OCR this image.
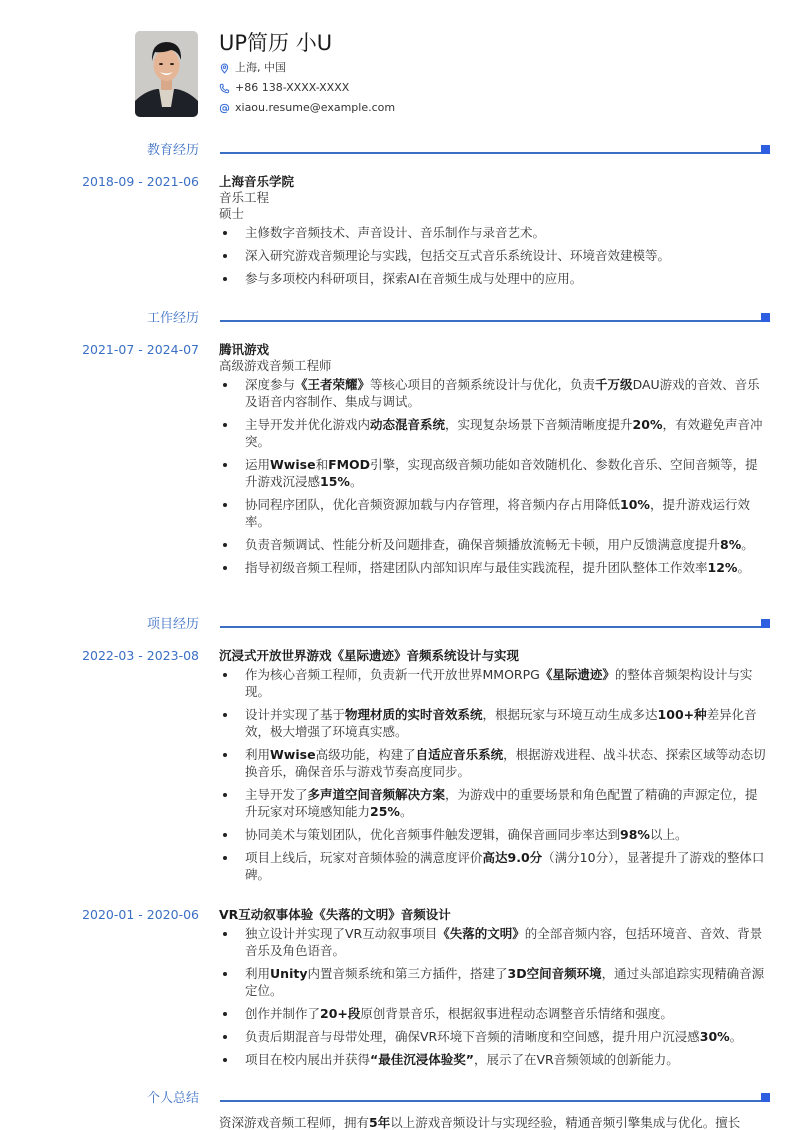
UP简历 小U
上海, 中国
+86 138-XXXX-XXXX
xiaou.resume@example.com
教育经历
2018-09 - 2021-06 上海音乐学院
音乐工程
硕士
主修数字音频技术、声音设计、音乐制作与录音艺术。
深入研究游戏音频理论与实践，包括交互式音乐系统设计、环境音效建模等。
参与多项校内科研项目，探索AI在音频生成与处理中的应用。
工作经历
2021-07 - 2024-07 腾讯游戏
高级游戏音频工程师
深度参与《王者荣耀》等核心项目的音频系统设计与优化，负责千万级DAU游戏的音效、音乐及语音内容制作、集成与调试。
主导开发并优化游戏内动态混音系统，实现复杂场景下音频清晰度提升20%，有效避免声音冲突。
运用Wwise和FMOD引擎，实现高级音频功能如音效随机化、参数化音乐、空间音频等，提升游戏沉浸感15%。
协同程序团队，优化音频资源加载与内存管理，将音频内存占用降低10%，提升游戏运行效率。
负责音频调试、性能分析及问题排查，确保音频播放流畅无卡顿，用户反馈满意度提升8%。
指导初级音频工程师，搭建团队内部知识库与最佳实践流程，提升团队整体工作效率12%。
项目经历
2022-03 - 2023-08 沉浸式开放世界游戏《星际遗迹》音频系统设计与实现
作为核心音频工程师，负责新一代开放世界MMORPG《星际遗迹》的整体音频架构设计与实现。
设计并实现了基于物理材质的实时音效系统，根据玩家与环境互动生成多达100+种差异化音效，极大增强了环境真实感。
利用Wwise高级功能，构建了自适应音乐系统，根据游戏进程、战斗状态、探索区域等动态切换音乐，确保音乐与游戏节奏高度同步。
主导开发了多声道空间音频解决方案，为游戏中的重要场景和角色配置了精确的声源定位，提升玩家对环境感知能力25%。
协同美术与策划团队，优化音频事件触发逻辑，确保音画同步率达到98%以上。
项目上线后，玩家对音频体验的满意度评价高达9.0分（满分10分），显著提升了游戏的整体口碑。
2020-01 - 2020-06 VR互动叙事体验《失落的文明》音频设计
独立设计并实现了VR互动叙事项目《失落的文明》的全部音频内容，包括环境音、音效、背景音乐及角色语音。
利用Unity内置音频系统和第三方插件，搭建了3D空间音频环境，通过头部追踪实现精确音源定位。
创作并制作了20+段原创背景音乐，根据叙事进程动态调整音乐情绪和强度。
负责后期混音与母带处理，确保VR环境下音频的清晰度和空间感，提升用户沉浸感30%。
项目在校内展出并获得“最佳沉浸体验奖”，展示了在VR音频领域的创新能力。
个人总结
资深游戏音频工程师，拥有5年以上游戏音频设计与实现经验，精通音频引擎集成与优化。擅长
